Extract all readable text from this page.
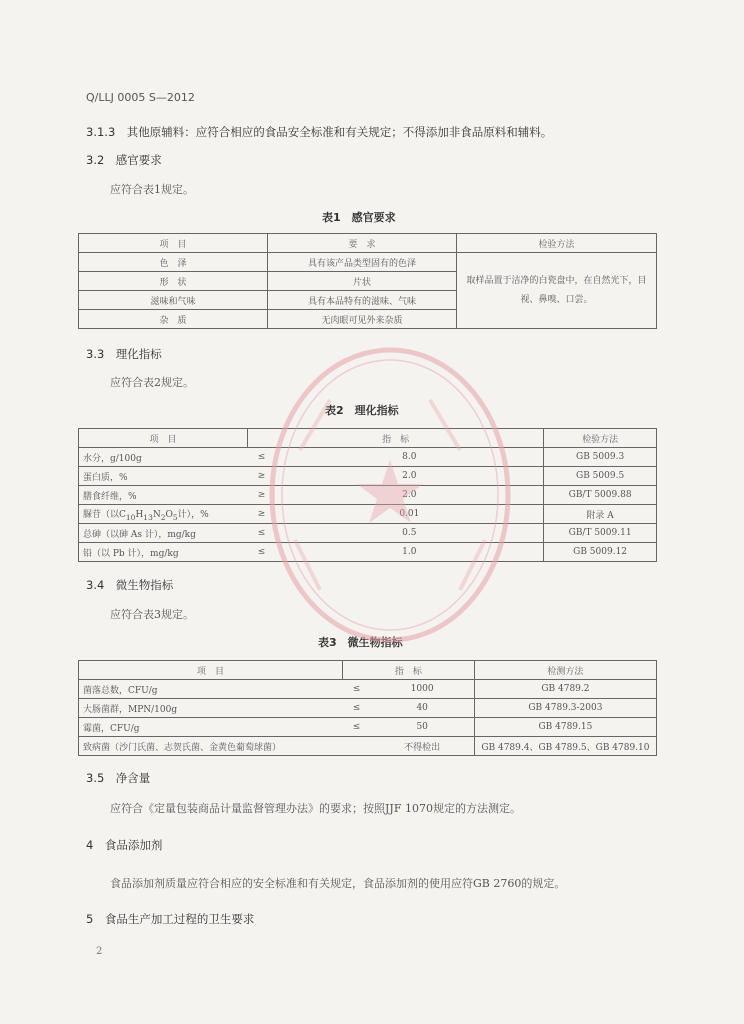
Q/LLJ 0005 S—2012
3.1.3　其他原辅料：应符合相应的食品安全标准和有关规定；不得添加非食品原料和辅料。
3.2　感官要求
应符合表1规定。
表1　感官要求
项　目	要　求	检验方法
色　泽	具有该产品类型固有的色泽	取样品置于洁净的白瓷盘中，在自然光下，目视、鼻嗅、口尝。
形　状	片状	
滋味和气味	具有本品特有的滋味、气味	
杂　质	无肉眼可见外来杂质	
3.3　理化指标
应符合表2规定。
表2　理化指标
项　目	指　标		检验方法
水分，g/100g	≤	8.0	GB 5009.3
蛋白质，%	≥	2.0	GB 5009.5
膳食纤维，%	≥	2.0	GB/T 5009.88
脲苷（以$C_{10}H_{13}N_2O_5$计），%	≥	0.01	附录 A
总砷（以砷 As 计），mg/kg	≤	0.5	GB/T 5009.11
铅（以 Pb 计），mg/kg	≤	1.0	GB 5009.12
3.4　微生物指标
应符合表3规定。
表3　微生物指标
项　目	指　标		检测方法
菌落总数，CFU/g	≤	1000	GB 4789.2
大肠菌群，MPN/100g	≤	40	GB 4789.3-2003
霉菌，CFU/g	≤	50	GB 4789.15
致病菌（沙门氏菌、志贺氏菌、金黄色葡萄球菌）		不得检出	GB 4789.4、GB 4789.5、GB 4789.10
3.5　净含量
应符合《定量包装商品计量监督管理办法》的要求；按照JJF 1070规定的方法测定。
4　食品添加剂
食品添加剂质量应符合相应的安全标准和有关规定，食品添加剂的使用应符GB 2760的规定。
5　食品生产加工过程的卫生要求
2
